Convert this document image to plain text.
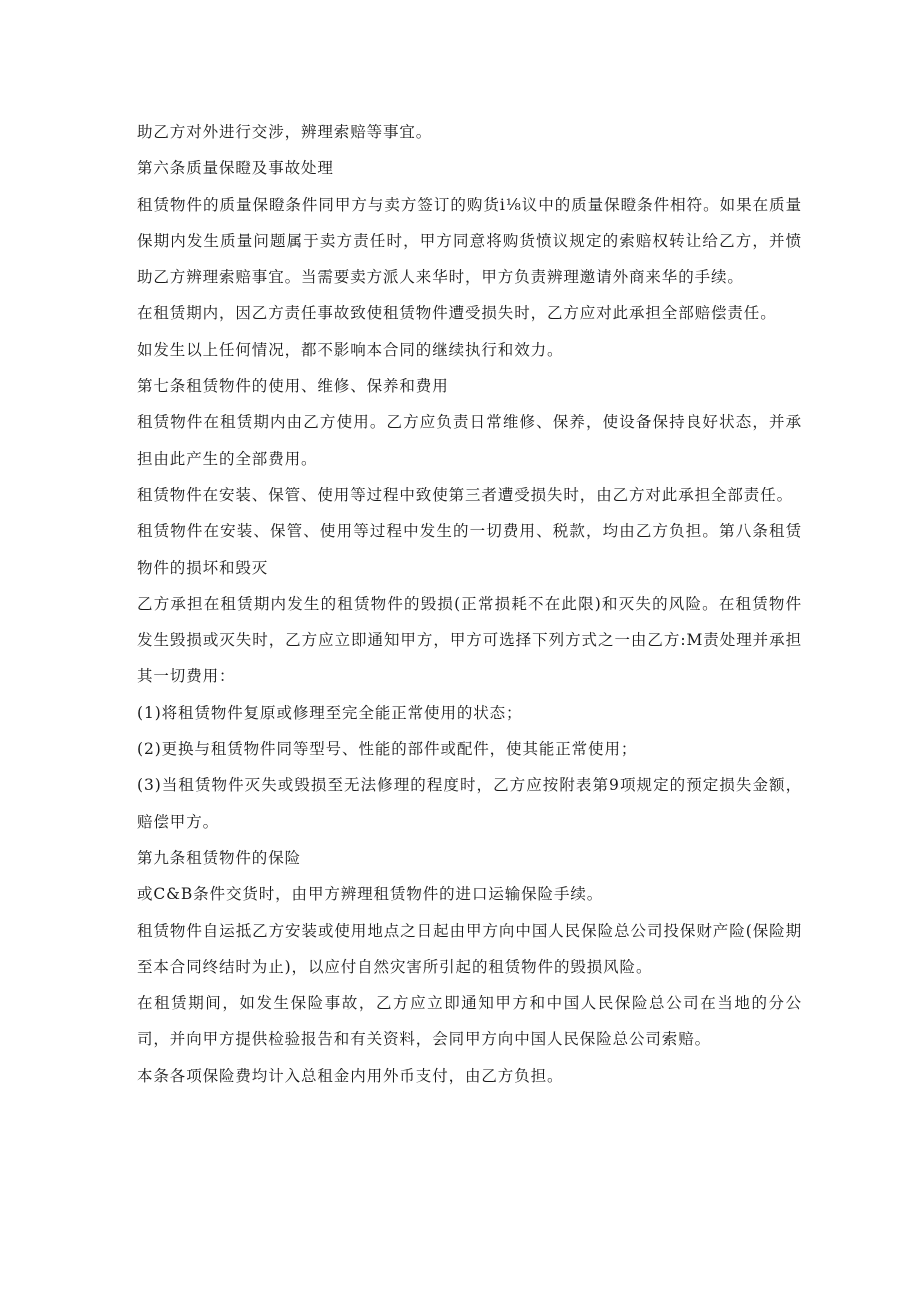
助乙方对外进行交涉，辨理索赔等事宜。

第六条质量保瞪及事故处理

租赁物件的质量保瞪条件同甲方与卖方签订的购货i⅛议中的质量保瞪条件相符。如果在质量保期内发生质量问题属于卖方责任时，甲方同意将购货愤议规定的索赔权转让给乙方，并愤助乙方辨理索赔事宜。当需要卖方派人来华时，甲方负责辨理邀请外商来华的手续。

在租赁期内，因乙方责任事故致使租赁物件遭受损失时，乙方应对此承担全部赔偿责任。

如发生以上任何情况，都不影响本合同的继续执行和效力。

第七条租赁物件的使用、维修、保养和费用

租赁物件在租赁期内由乙方使用。乙方应负责日常维修、保养，使设备保持良好状态，并承担由此产生的全部费用。

租赁物件在安装、保管、使用等过程中致使第三者遭受损失时，由乙方对此承担全部责任。

租赁物件在安装、保管、使用等过程中发生的一切费用、税款，均由乙方负担。第八条租赁物件的损坏和毁灭

乙方承担在租赁期内发生的租赁物件的毁损(正常损耗不在此限)和灭失的风险。在租赁物件发生毁损或灭失时，乙方应立即通知甲方，甲方可选择下列方式之一由乙方:M责处理并承担其一切费用：

(1)将租赁物件复原或修理至完全能正常使用的状态；

(2)更换与租赁物件同等型号、性能的部件或配件，使其能正常使用；

(3)当租赁物件灭失或毁损至无法修理的程度时，乙方应按附表第9项规定的预定损失金额，赔偿甲方。

第九条租赁物件的保险

或C&B条件交货时，由甲方辨理租赁物件的进口运输保险手续。

租赁物件自运抵乙方安装或使用地点之日起由甲方向中国人民保险总公司投保财产险(保险期至本合同终结时为止)，以应付自然灾害所引起的租赁物件的毁损风险。

在租赁期间，如发生保险事故，乙方应立即通知甲方和中国人民保险总公司在当地的分公司，并向甲方提供检验报告和有关资料，会同甲方向中国人民保险总公司索赔。

本条各项保险费均计入总租金内用外币支付，由乙方负担。
